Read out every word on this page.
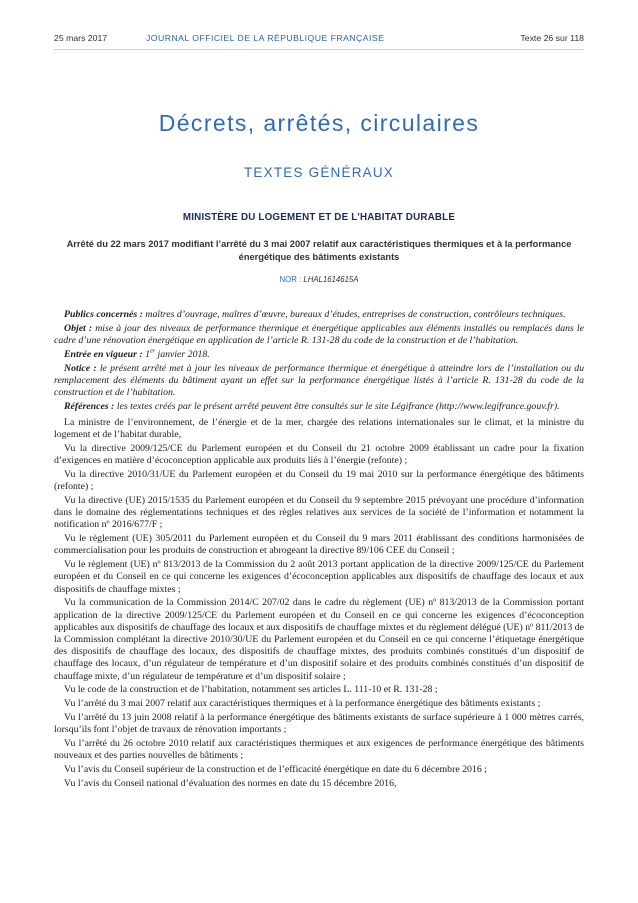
25 mars 2017	JOURNAL OFFICIEL DE LA RÉPUBLIQUE FRANÇAISE	Texte 26 sur 118
Décrets, arrêtés, circulaires
TEXTES GÉNÉRAUX
MINISTÈRE DU LOGEMENT ET DE L'HABITAT DURABLE
Arrêté du 22 mars 2017 modifiant l’arrêté du 3 mai 2007 relatif aux caractéristiques thermiques et à la performance énergétique des bâtiments existants
NOR : LHAL1614615A

Publics concernés : maîtres d’ouvrage, maîtres d’œuvre, bureaux d’études, entreprises de construction, contrôleurs techniques.

Objet : mise à jour des niveaux de performance thermique et énergétique applicables aux éléments installés ou remplacés dans le cadre d’une rénovation énergétique en application de l’article R. 131-28 du code de la construction et de l’habitation.

Entrée en vigueur : 1er janvier 2018.

Notice : le présent arrêté met à jour les niveaux de performance thermique et énergétique à atteindre lors de l’installation ou du remplacement des éléments du bâtiment ayant un effet sur la performance énergétique listés à l’article R. 131-28 du code de la construction et de l’habitation.

Références : les textes créés par le présent arrêté peuvent être consultés sur le site Légifrance (http://www.legifrance.gouv.fr).

La ministre de l’environnement, de l’énergie et de la mer, chargée des relations internationales sur le climat, et la ministre du logement et de l’habitat durable,

Vu la directive 2009/125/CE du Parlement européen et du Conseil du 21 octobre 2009 établissant un cadre pour la fixation d’exigences en matière d’écoconception applicable aux produits liés à l’énergie (refonte) ;

Vu la directive 2010/31/UE du Parlement européen et du Conseil du 19 mai 2010 sur la performance énergétique des bâtiments (refonte) ;

Vu la directive (UE) 2015/1535 du Parlement européen et du Conseil du 9 septembre 2015 prévoyant une procédure d’information dans le domaine des réglementations techniques et des règles relatives aux services de la société de l’information et notamment la notification nº 2016/677/F ;

Vu le règlement (UE) 305/2011 du Parlement européen et du Conseil du 9 mars 2011 établissant des conditions harmonisées de commercialisation pour les produits de construction et abrogeant la directive 89/106 CEE du Conseil ;

Vu le règlement (UE) nº 813/2013 de la Commission du 2 août 2013 portant application de la directive 2009/125/CE du Parlement européen et du Conseil en ce qui concerne les exigences d’écoconception applicables aux dispositifs de chauffage des locaux et aux dispositifs de chauffage mixtes ;

Vu la communication de la Commission 2014/C 207/02 dans le cadre du règlement (UE) nº 813/2013 de la Commission portant application de la directive 2009/125/CE du Parlement européen et du Conseil en ce qui concerne les exigences d’écoconception applicables aux dispositifs de chauffage des locaux et aux dispositifs de chauffage mixtes et du règlement délégué (UE) nº 811/2013 de la Commission complétant la directive 2010/30/UE du Parlement européen et du Conseil en ce qui concerne l’étiquetage énergétique des dispositifs de chauffage des locaux, des dispositifs de chauffage mixtes, des produits combinés constitués d’un dispositif de chauffage des locaux, d’un régulateur de température et d’un dispositif solaire et des produits combinés constitués d’un dispositif de chauffage mixte, d’un régulateur de température et d’un dispositif solaire ;

Vu le code de la construction et de l’habitation, notamment ses articles L. 111-10 et R. 131-28 ;

Vu l’arrêté du 3 mai 2007 relatif aux caractéristiques thermiques et à la performance énergétique des bâtiments existants ;

Vu l’arrêté du 13 juin 2008 relatif à la performance énergétique des bâtiments existants de surface supérieure à 1 000 mètres carrés, lorsqu’ils font l’objet de travaux de rénovation importants ;

Vu l’arrêté du 26 octobre 2010 relatif aux caractéristiques thermiques et aux exigences de performance énergétique des bâtiments nouveaux et des parties nouvelles de bâtiments ;

Vu l’avis du Conseil supérieur de la construction et de l’efficacité énergétique en date du 6 décembre 2016 ;

Vu l’avis du Conseil national d’évaluation des normes en date du 15 décembre 2016,
